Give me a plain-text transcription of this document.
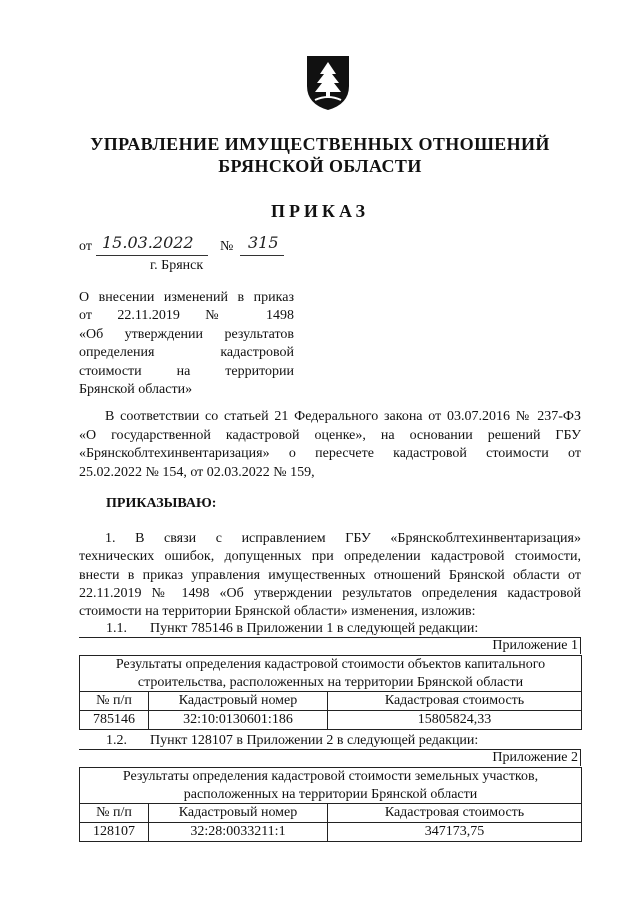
УПРАВЛЕНИЕ ИМУЩЕСТВЕННЫХ ОТНОШЕНИЙ
БРЯНСКОЙ ОБЛАСТИ
ПРИКАЗ
от 15.03.2022 № 315
г. Брянск
О внесении изменений в приказ
от 22.11.2019 № 1498
«Об утверждении результатов
определения кадастровой
стоимости на территории
Брянской области»
В соответствии со статьей 21 Федерального закона от 03.07.2016 № 237-ФЗ
«О государственной кадастровой оценке», на основании решений ГБУ
«Брянскоблтехинвентаризация» о пересчете кадастровой стоимости от
25.02.2022 № 154, от 02.03.2022 № 159,
ПРИКАЗЫВАЮ:
1. В связи с исправлением ГБУ «Брянскоблтехинвентаризация»
технических ошибок, допущенных при определении кадастровой стоимости,
внести в приказ управления имущественных отношений Брянской области от
22.11.2019 № 1498 «Об утверждении результатов определения кадастровой
стоимости на территории Брянской области» изменения, изложив:
1.1. Пункт 785146 в Приложении 1 в следующей редакции:
Приложение 1
Результаты определения кадастровой стоимости объектов капитального
строительства, расположенных на территории Брянской области
№ п/п	Кадастровый номер	Кадастровая стоимость
785146	32:10:0130601:186	15805824,33
1.2. Пункт 128107 в Приложении 2 в следующей редакции:
Приложение 2
Результаты определения кадастровой стоимости земельных участков,
расположенных на территории Брянской области
№ п/п	Кадастровый номер	Кадастровая стоимость
128107	32:28:0033211:1	347173,75
